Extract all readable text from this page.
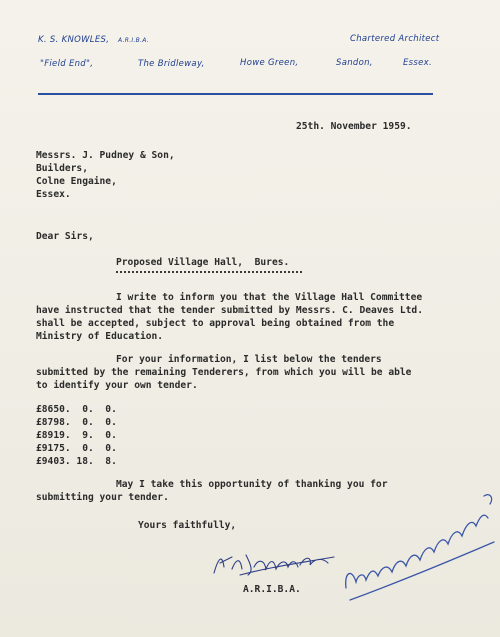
K. S. KNOWLES, A.R.I.B.A.	Chartered Architect
"Field End",	The Bridleway,	Howe Green,	Sandon,	Essex.
25th. November 1959.
Messrs. J. Pudney & Son,
Builders,
Colne Engaine,
Essex.
Dear Sirs,
Proposed Village Hall,  Bures.
I write to inform you that the Village Hall Committee
have instructed that the tender submitted by Messrs. C. Deaves Ltd.
shall be accepted, subject to approval being obtained from the
Ministry of Education.
For your information, I list below the tenders
submitted by the remaining Tenderers, from which you will be able
to identify your own tender.
£8650.  0.  0.
£8798.  0.  0.
£8919.  9.  0.
£9175.  0.  0.
£9403. 18.  8.
May I take this opportunity of thanking you for
submitting your tender.
Yours faithfully,
A.R.I.B.A.
